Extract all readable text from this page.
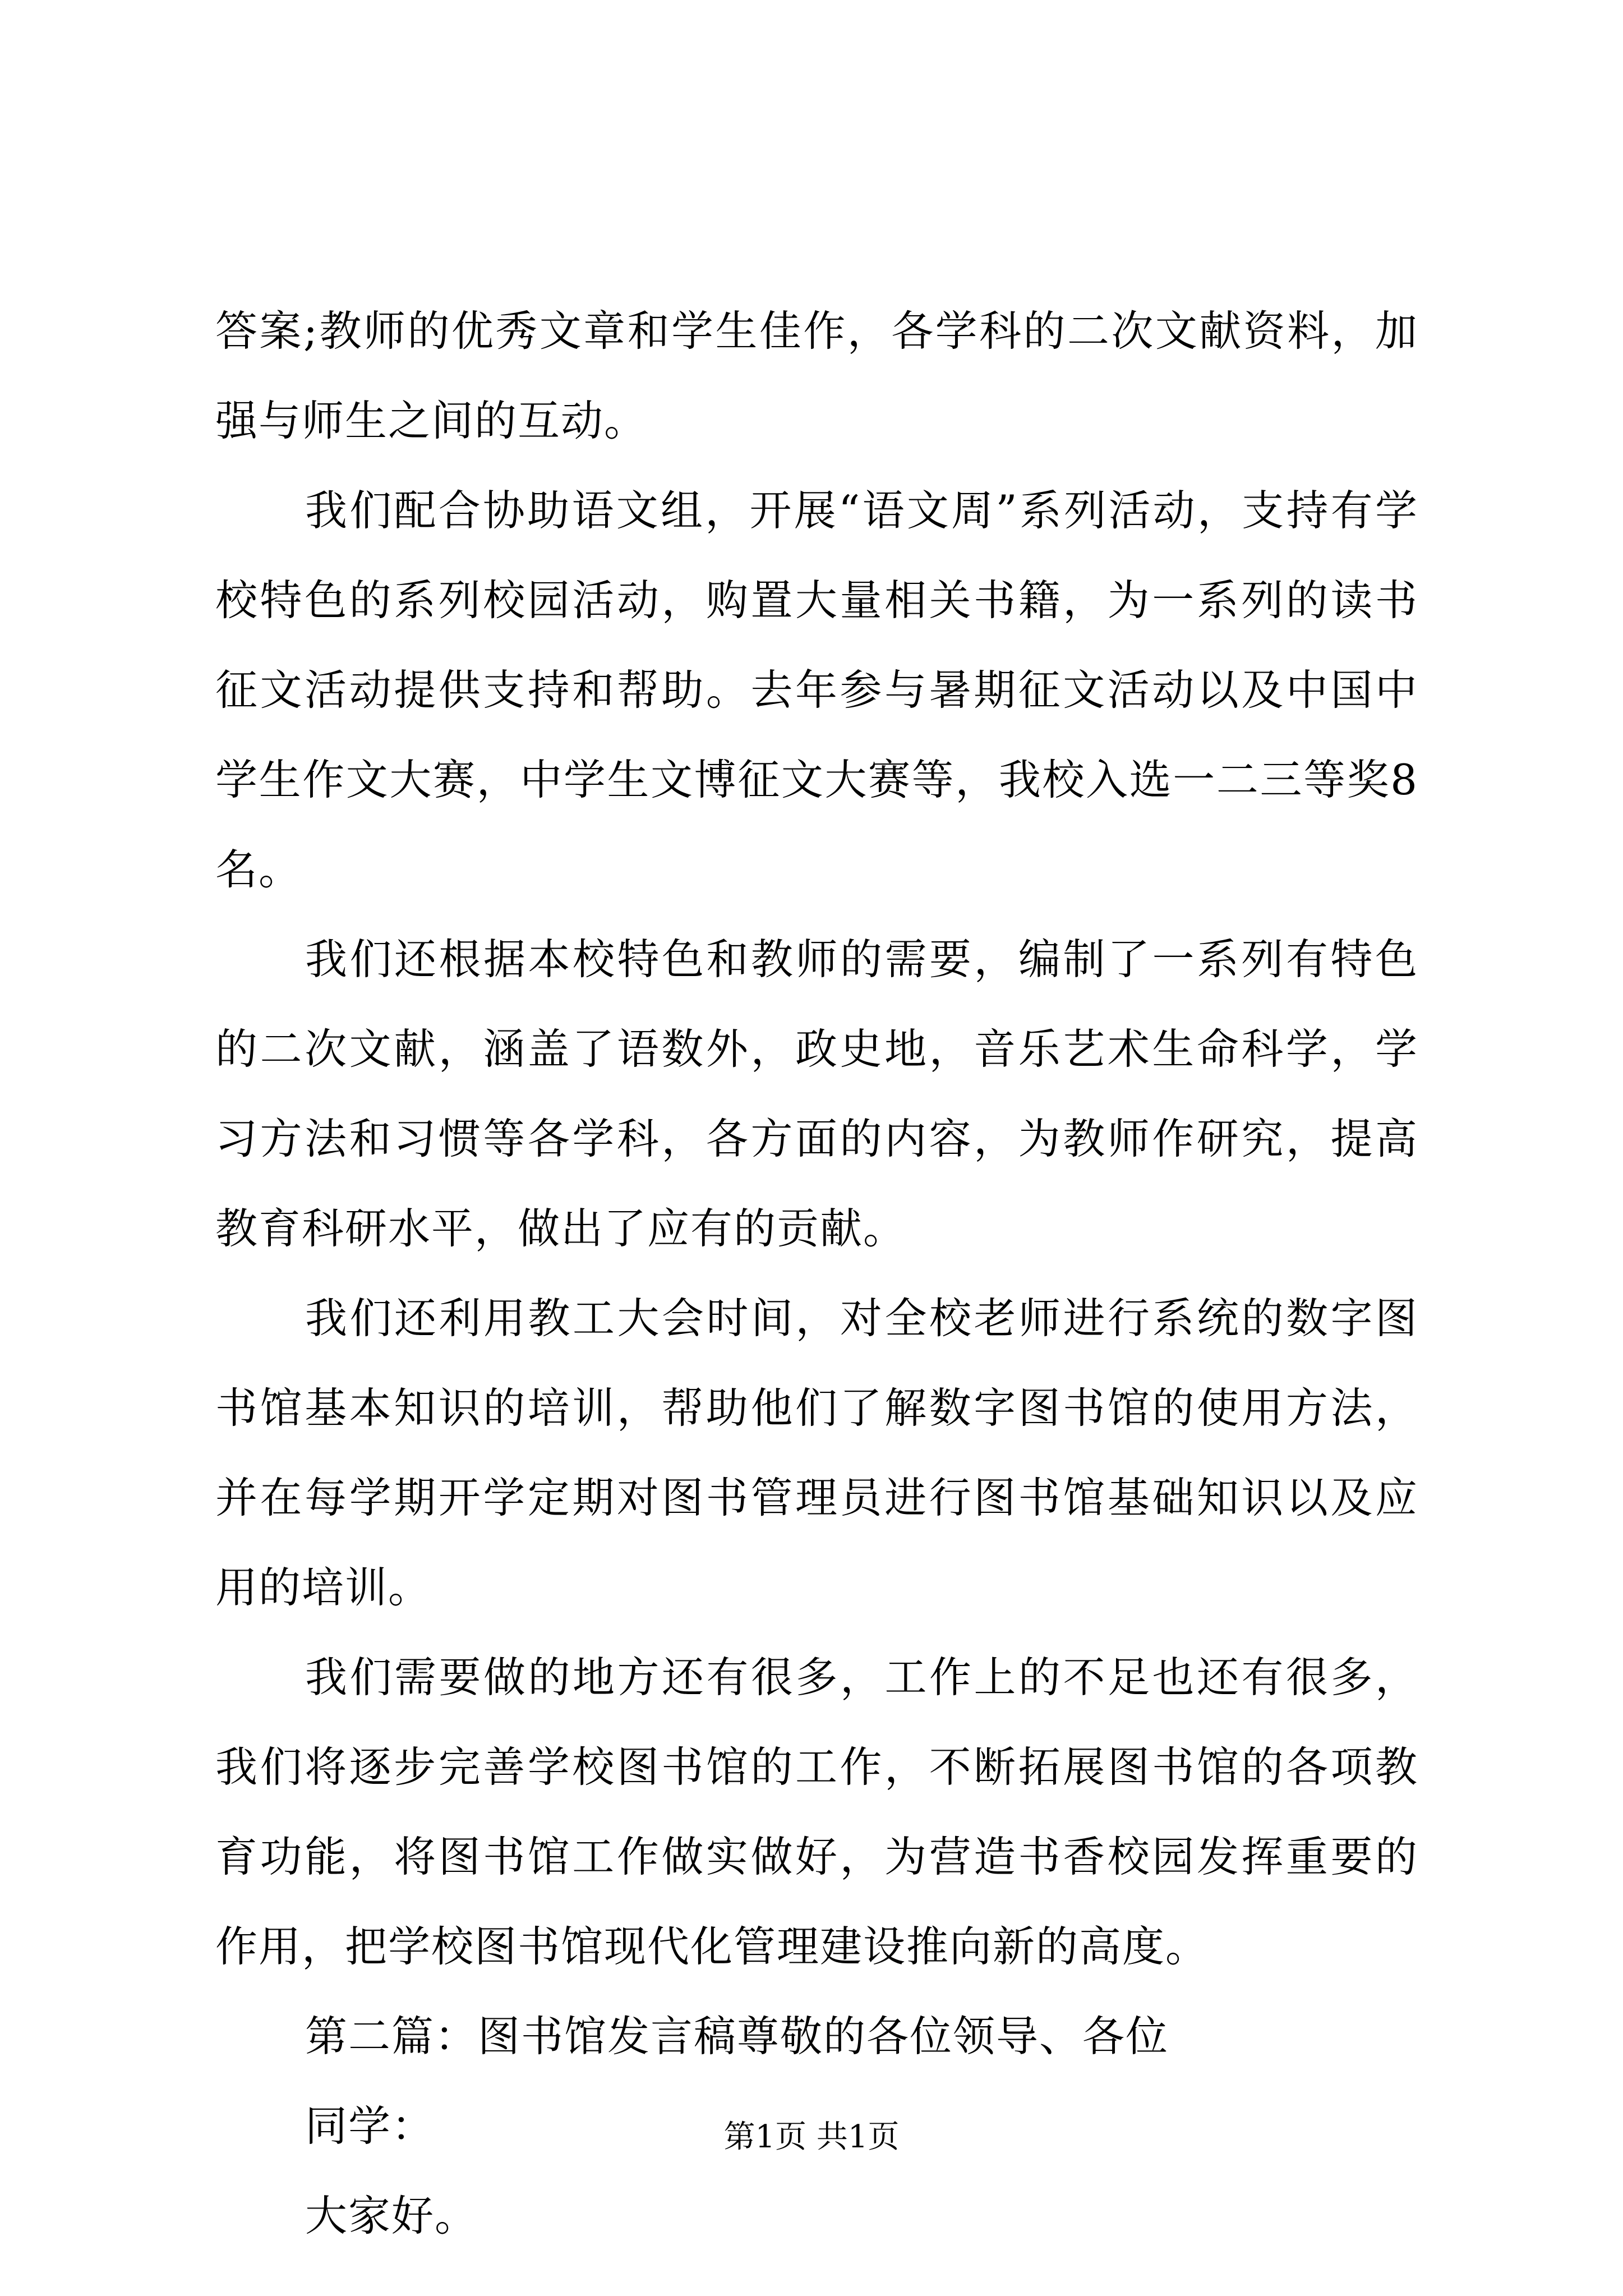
答案;教师的优秀文章和学生佳作，各学科的二次文献资料，加强与师生之间的互动。

我们配合协助语文组，开展“语文周”系列活动，支持有学校特色的系列校园活动，购置大量相关书籍，为一系列的读书征文活动提供支持和帮助。去年参与暑期征文活动以及中国中学生作文大赛，中学生文博征文大赛等，我校入选一二三等奖8名。

我们还根据本校特色和教师的需要，编制了一系列有特色的二次文献，涵盖了语数外，政史地，音乐艺术生命科学，学习方法和习惯等各学科，各方面的内容，为教师作研究，提高教育科研水平，做出了应有的贡献。

我们还利用教工大会时间，对全校老师进行系统的数字图书馆基本知识的培训，帮助他们了解数字图书馆的使用方法，并在每学期开学定期对图书管理员进行图书馆基础知识以及应用的培训。

我们需要做的地方还有很多，工作上的不足也还有很多，我们将逐步完善学校图书馆的工作，不断拓展图书馆的各项教育功能，将图书馆工作做实做好，为营造书香校园发挥重要的作用，把学校图书馆现代化管理建设推向新的高度。

第二篇：图书馆发言稿尊敬的各位领导、各位

同学：

大家好。

第1页 共1页
